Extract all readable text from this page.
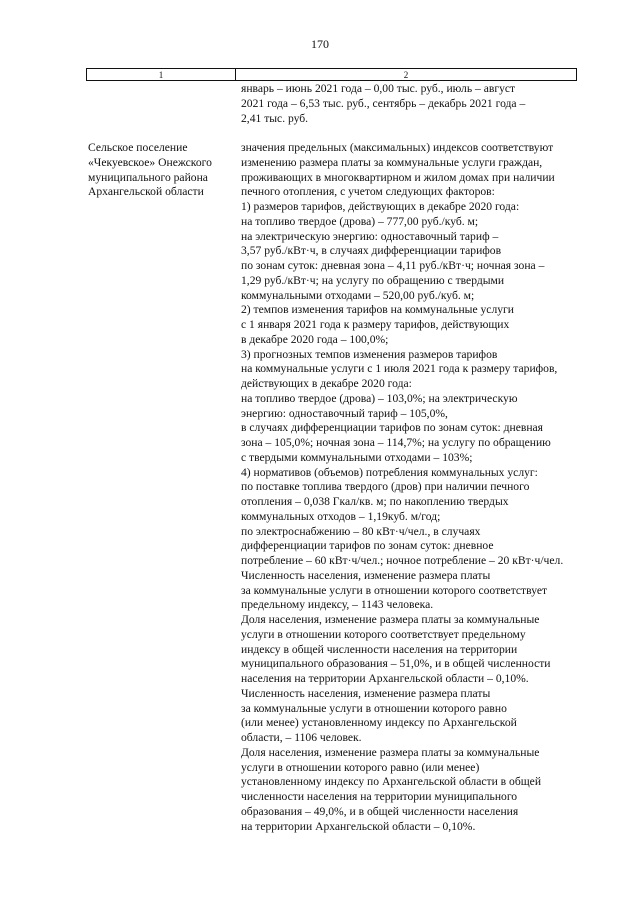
170
1	2
январь – июнь 2021 года – 0,00 тыс. руб., июль – август
2021 года – 6,53 тыс. руб., сентябрь – декабрь 2021 года –
2,41 тыс. руб.
Сельское поселение
«Чекуевское» Онежского
муниципального района
Архангельской области
значения предельных (максимальных) индексов соответствуют
изменению размера платы за коммунальные услуги граждан,
проживающих в многоквартирном и жилом домах при наличии
печного отопления, с учетом следующих факторов:
1) размеров тарифов, действующих в декабре 2020 года:
на топливо твердое (дрова) – 777,00 руб./куб. м;
на электрическую энергию: одноставочный тариф –
3,57 руб./кВт·ч, в случаях дифференциации тарифов
по зонам суток: дневная зона – 4,11 руб./кВт·ч; ночная зона –
1,29 руб./кВт·ч; на услугу по обращению с твердыми
коммунальными отходами – 520,00 руб./куб. м;
2) темпов изменения тарифов на коммунальные услуги
с 1 января 2021 года к размеру тарифов, действующих
в декабре 2020 года – 100,0%;
3) прогнозных темпов изменения размеров тарифов
на коммунальные услуги с 1 июля 2021 года к размеру тарифов,
действующих в декабре 2020 года:
на топливо твердое (дрова) – 103,0%; на электрическую
энергию: одноставочный тариф – 105,0%,
в случаях дифференциации тарифов по зонам суток: дневная
зона – 105,0%; ночная зона – 114,7%; на услугу по обращению
с твердыми коммунальными отходами – 103%;
4) нормативов (объемов) потребления коммунальных услуг:
по поставке топлива твердого (дров) при наличии печного
отопления – 0,038 Гкал/кв. м; по накоплению твердых
коммунальных отходов – 1,19куб. м/год;
по электроснабжению – 80 кВт·ч/чел., в случаях
дифференциации тарифов по зонам суток: дневное
потребление – 60 кВт·ч/чел.; ночное потребление – 20 кВт·ч/чел.
Численность населения, изменение размера платы
за коммунальные услуги в отношении которого соответствует
предельному индексу, – 1143 человека.
Доля населения, изменение размера платы за коммунальные
услуги в отношении которого соответствует предельному
индексу в общей численности населения на территории
муниципального образования – 51,0%, и в общей численности
населения на территории Архангельской области – 0,10%.
Численность населения, изменение размера платы
за коммунальные услуги в отношении которого равно
(или менее) установленному индексу по Архангельской
области, – 1106 человек.
Доля населения, изменение размера платы за коммунальные
услуги в отношении которого равно (или менее)
установленному индексу по Архангельской области в общей
численности населения на территории муниципального
образования – 49,0%, и в общей численности населения
на территории Архангельской области – 0,10%.
